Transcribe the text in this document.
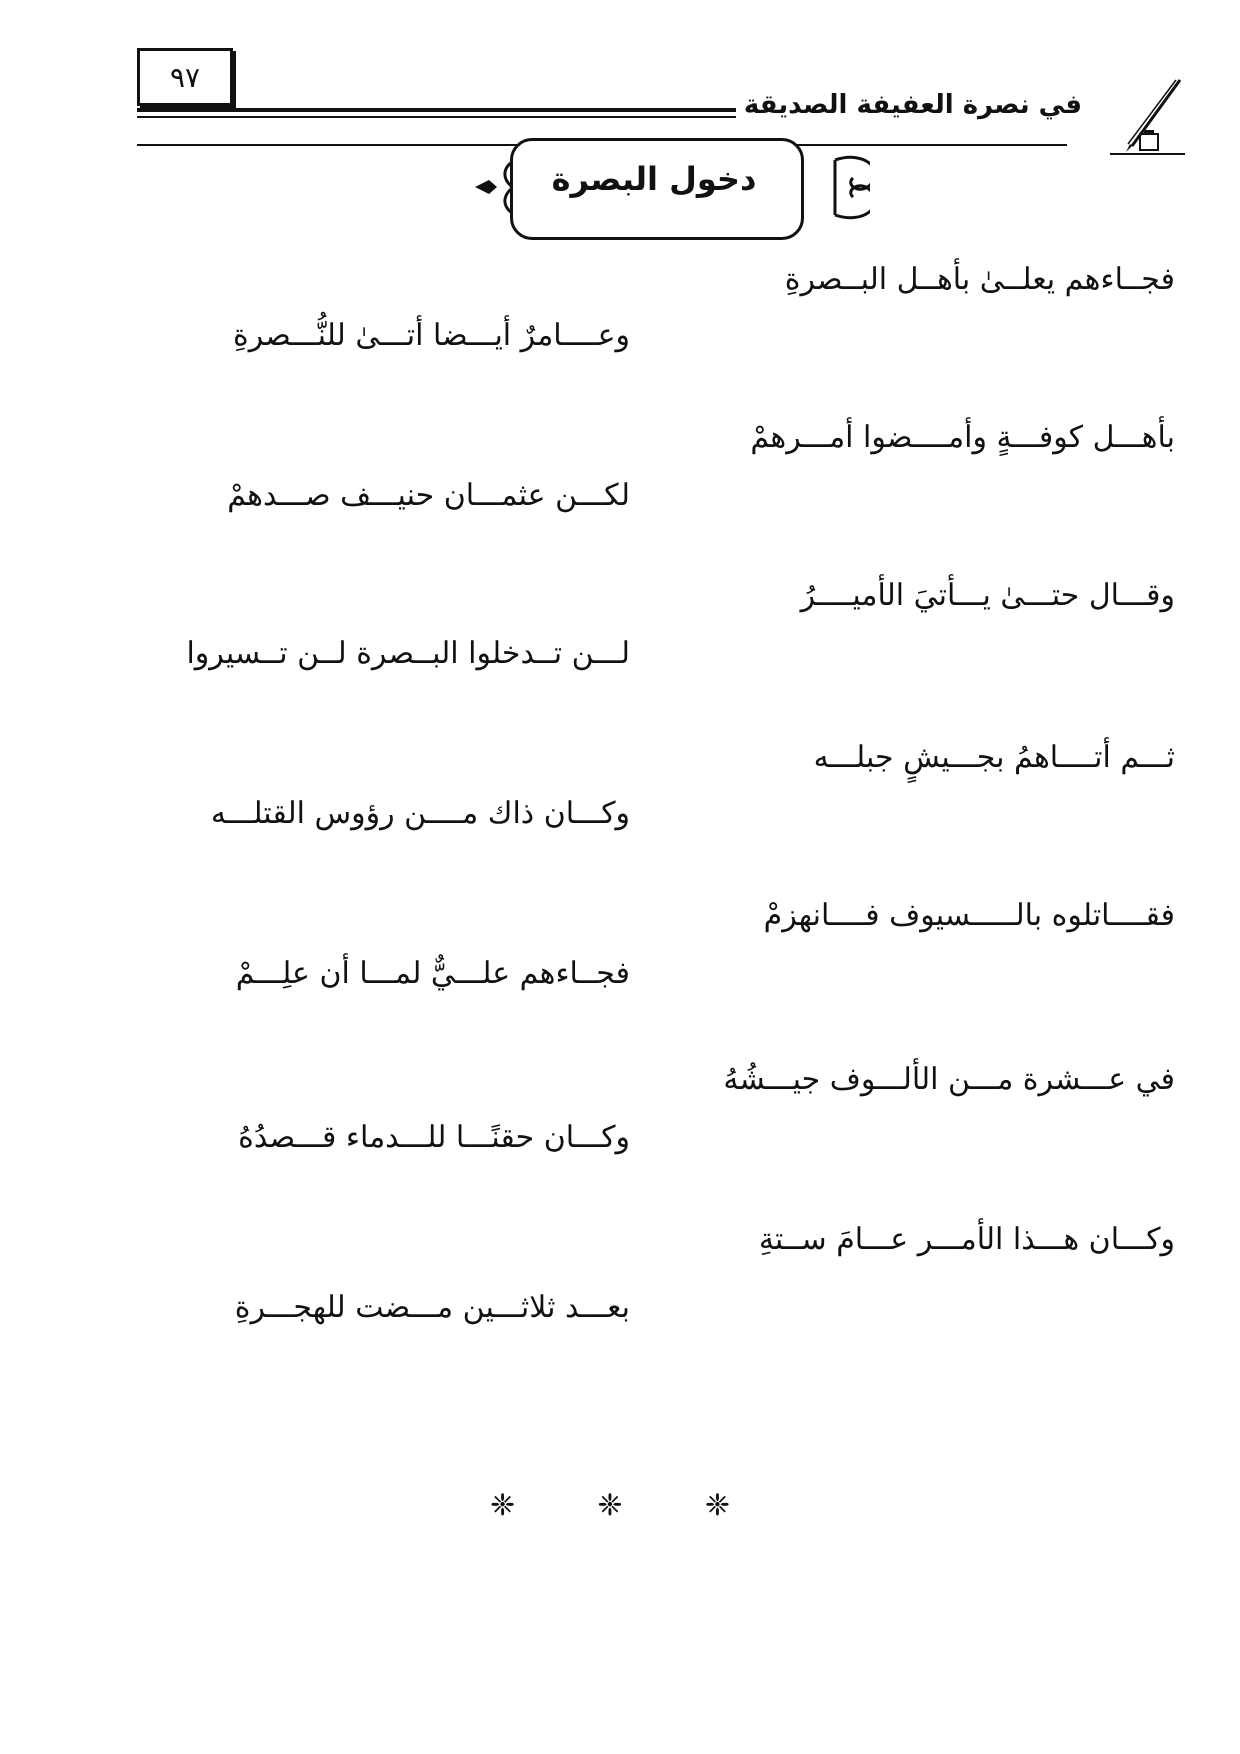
٩٧
في نصرة العفيفة الصديقة
دخول البصرة
فجــاءهم يعلــىٰ بأهــل البــصرةِ
وعــــامرٌ أيـــضا أتـــىٰ للنُّـــصرةِ
بأهـــل كوفـــةٍ وأمــــضوا أمـــرهمْ
لكـــن عثمـــان حنيـــف صـــدهمْ
وقـــال حتـــىٰ يـــأتيَ الأميــــرُ
لـــن تــدخلوا البــصرة لــن تــسيروا
ثـــم أتــــاهمُ بجـــيشٍ جبلـــه
وكـــان ذاك مــــن رؤوس القتلـــه
فقــــاتلوه بالـــــسيوف فــــانهزمْ
فجــاءهم علـــيٌّ لمـــا أن علِـــمْ
في عـــشرة مـــن الألـــوف جيـــشُهُ
وكـــان حقنًـــا للـــدماء قـــصدُهُ
وكـــان هـــذا الأمـــر عـــامَ ســتةِ
بعـــد ثلاثـــين مـــضت للهجـــرةِ
❈	❈	❈
